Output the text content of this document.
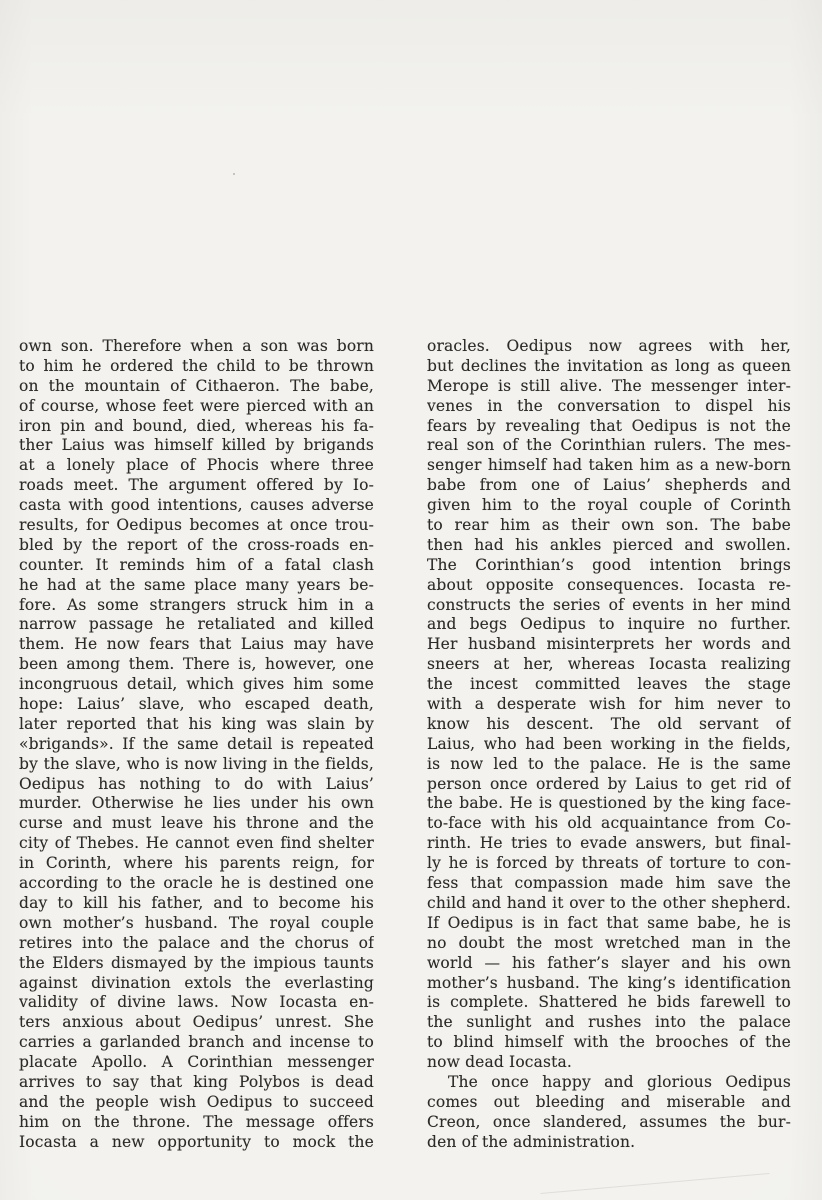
own son. Therefore when a son was born
to him he ordered the child to be thrown
on the mountain of Cithaeron. The babe,
of course, whose feet were pierced with an
iron pin and bound, died, whereas his fa-
ther Laius was himself killed by brigands
at a lonely place of Phocis where three
roads meet. The argument offered by Io-
casta with good intentions, causes adverse
results, for Oedipus becomes at once trou-
bled by the report of the cross-roads en-
counter. It reminds him of a fatal clash
he had at the same place many years be-
fore. As some strangers struck him in a
narrow passage he retaliated and killed
them. He now fears that Laius may have
been among them. There is, however, one
incongruous detail, which gives him some
hope: Laius’ slave, who escaped death,
later reported that his king was slain by
«brigands». If the same detail is repeated
by the slave, who is now living in the fields,
Oedipus has nothing to do with Laius’
murder. Otherwise he lies under his own
curse and must leave his throne and the
city of Thebes. He cannot even find shelter
in Corinth, where his parents reign, for
according to the oracle he is destined one
day to kill his father, and to become his
own mother’s husband. The royal couple
retires into the palace and the chorus of
the Elders dismayed by the impious taunts
against divination extols the everlasting
validity of divine laws. Now Iocasta en-
ters anxious about Oedipus’ unrest. She
carries a garlanded branch and incense to
placate Apollo. A Corinthian messenger
arrives to say that king Polybos is dead
and the people wish Oedipus to succeed
him on the throne. The message offers
Iocasta a new opportunity to mock the
oracles. Oedipus now agrees with her,
but declines the invitation as long as queen
Merope is still alive. The messenger inter-
venes in the conversation to dispel his
fears by revealing that Oedipus is not the
real son of the Corinthian rulers. The mes-
senger himself had taken him as a new-born
babe from one of Laius’ shepherds and
given him to the royal couple of Corinth
to rear him as their own son. The babe
then had his ankles pierced and swollen.
The Corinthian’s good intention brings
about opposite consequences. Iocasta re-
constructs the series of events in her mind
and begs Oedipus to inquire no further.
Her husband misinterprets her words and
sneers at her, whereas Iocasta realizing
the incest committed leaves the stage
with a desperate wish for him never to
know his descent. The old servant of
Laius, who had been working in the fields,
is now led to the palace. He is the same
person once ordered by Laius to get rid of
the babe. He is questioned by the king face-
to-face with his old acquaintance from Co-
rinth. He tries to evade answers, but final-
ly he is forced by threats of torture to con-
fess that compassion made him save the
child and hand it over to the other shepherd.
If Oedipus is in fact that same babe, he is
no doubt the most wretched man in the
world — his father’s slayer and his own
mother’s husband. The king’s identification
is complete. Shattered he bids farewell to
the sunlight and rushes into the palace
to blind himself with the brooches of the
now dead Iocasta.
The once happy and glorious Oedipus
comes out bleeding and miserable and
Creon, once slandered, assumes the bur-
den of the administration.
